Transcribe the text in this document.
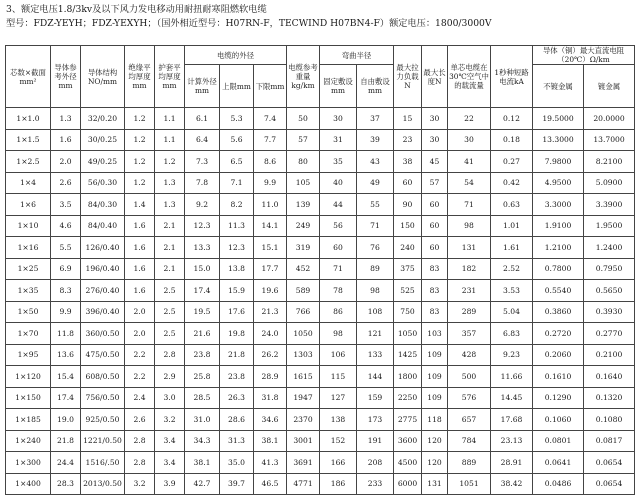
3、额定电压1.8/3kv及以下风力发电移动用耐扭耐寒阻燃软电缆
型号：FDZ-YEYH；FDZ-YEXYH；（国外相近型号：H07RN-F，TECWIND H07BN4-F）额定电压：1800/3000V
芯数×截面mm²	导体参考外径mm	导体结构NO/mm	绝缘平均厚度mm	护套平均厚度mm	电缆的外径			电缆参考重量kg/km	弯曲半径		最大拉力负载N	最大长度N	单芯电缆在30℃空气中的载流量	1秒种短路电流kA	导体（铜）最大直流电阻（20℃）Ω/km	
					计算外径mm	上限mm	下限mm		固定敷设mm	自由敷设mm					不镀金属	镀金属
1×1.0	1.3	32/0.20	1.2	1.1	6.1	5.3	7.4	50	30	37	15	30	22	0.12	19.5000	20.0000
1×1.5	1.6	30/0.25	1.2	1.1	6.4	5.6	7.7	57	31	39	23	30	30	0.18	13.3000	13.7000
1×2.5	2.0	49/0.25	1.2	1.2	7.3	6.5	8.6	80	35	43	38	45	41	0.27	7.9800	8.2100
1×4	2.6	56/0.30	1.2	1.3	7.8	7.1	9.9	105	40	49	60	57	54	0.42	4.9500	5.0900
1×6	3.5	84/0.30	1.4	1.3	9.2	8.2	11.0	139	44	55	90	60	71	0.63	3.3000	3.3900
1×10	4.6	84/0.40	1.6	2.1	12.3	11.3	14.1	249	56	71	150	60	98	1.01	1.9100	1.9500
1×16	5.5	126/0.40	1.6	2.1	13.3	12.3	15.1	319	60	76	240	60	131	1.61	1.2100	1.2400
1×25	6.9	196/0.40	1.6	2.1	15.0	13.8	17.7	452	71	89	375	83	182	2.52	0.7800	0.7950
1×35	8.3	276/0.40	1.6	2.5	17.4	15.9	19.6	589	78	98	525	83	231	3.53	0.5540	0.5650
1×50	9.9	396/0.40	2.0	2.5	19.5	17.6	21.3	766	86	108	750	83	289	5.04	0.3860	0.3930
1×70	11.8	360/0.50	2.0	2.5	21.6	19.8	24.0	1050	98	121	1050	103	357	6.83	0.2720	0.2770
1×95	13.6	475/0.50	2.2	2.8	23.8	21.8	26.2	1303	106	133	1425	109	428	9.23	0.2060	0.2100
1×120	15.4	608/0.50	2.2	2.9	25.8	23.8	28.9	1615	115	144	1800	109	500	11.66	0.1610	0.1640
1×150	17.4	756/0.50	2.4	3.0	28.5	26.3	31.8	1947	127	159	2250	109	576	14.45	0.1290	0.1320
1×185	19.0	925/0.50	2.6	3.2	31.0	28.6	34.6	2370	138	173	2775	118	657	17.68	0.1060	0.1080
1×240	21.8	1221/0.50	2.8	3.4	34.3	31.3	38.1	3001	152	191	3600	120	784	23.13	0.0801	0.0817
1×300	24.4	1516/.50	2.8	3.4	38.1	35.0	41.3	3691	166	208	4500	120	889	28.91	0.0641	0.0654
1×400	28.3	2013/0.50	3.2	3.9	42.7	39.7	46.5	4771	186	233	6000	131	1051	38.42	0.0486	0.0654
